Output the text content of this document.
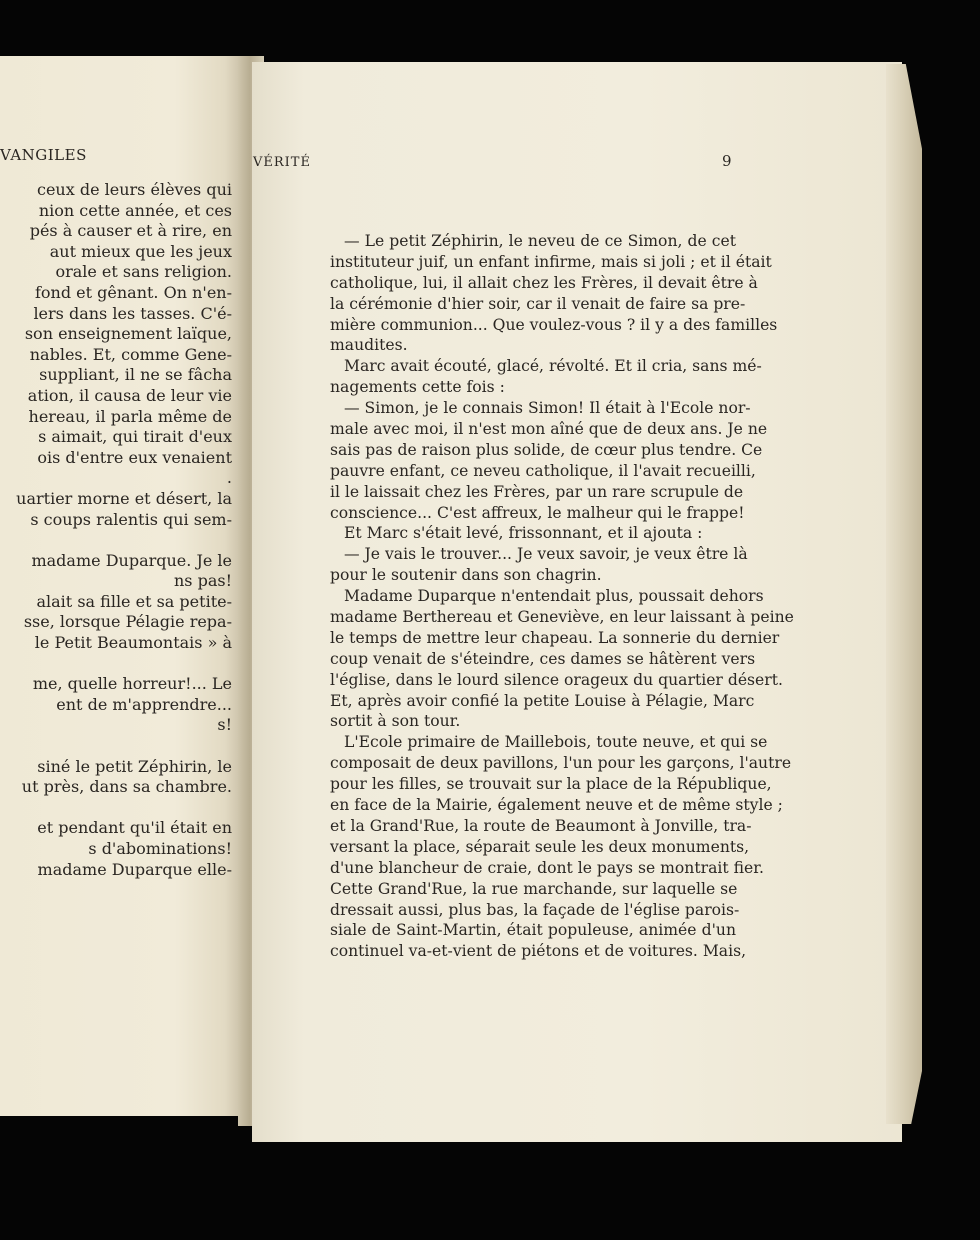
VANGILES
ceux de leurs élèves qui
nion cette année, et ces
pés à causer et à rire, en
aut mieux que les jeux
orale et sans religion.
fond et gênant. On n'en-
lers dans les tasses. C'é-
son enseignement laïque,
nables. Et, comme Gene-
suppliant, il ne se fâcha
ation, il causa de leur vie
hereau, il parla même de
s aimait, qui tirait d'eux
ois d'entre eux venaient
.
uartier morne et désert, la
s coups ralentis qui sem-
madame Duparque. Je le
ns pas!
alait sa fille et sa petite-
sse, lorsque Pélagie repa-
le Petit Beaumontais » à
me, quelle horreur!... Le
ent de m'apprendre...
s!
siné le petit Zéphirin, le
ut près, dans sa chambre.
et pendant qu'il était en
s d'abominations!
madame Duparque elle-
VÉRITÉ	9
— Le petit Zéphirin, le neveu de ce Simon, de cet
instituteur juif, un enfant infirme, mais si joli ; et il était
catholique, lui, il allait chez les Frères, il devait être à
la cérémonie d'hier soir, car il venait de faire sa pre-
mière communion... Que voulez-vous ? il y a des familles
maudites.
Marc avait écouté, glacé, révolté. Et il cria, sans mé-
nagements cette fois :
— Simon, je le connais Simon! Il était à l'Ecole nor-
male avec moi, il n'est mon aîné que de deux ans. Je ne
sais pas de raison plus solide, de cœur plus tendre. Ce
pauvre enfant, ce neveu catholique, il l'avait recueilli,
il le laissait chez les Frères, par un rare scrupule de
conscience... C'est affreux, le malheur qui le frappe!
Et Marc s'était levé, frissonnant, et il ajouta :
— Je vais le trouver... Je veux savoir, je veux être là
pour le soutenir dans son chagrin.
Madame Duparque n'entendait plus, poussait dehors
madame Berthereau et Geneviève, en leur laissant à peine
le temps de mettre leur chapeau. La sonnerie du dernier
coup venait de s'éteindre, ces dames se hâtèrent vers
l'église, dans le lourd silence orageux du quartier désert.
Et, après avoir confié la petite Louise à Pélagie, Marc
sortit à son tour.
L'Ecole primaire de Maillebois, toute neuve, et qui se
composait de deux pavillons, l'un pour les garçons, l'autre
pour les filles, se trouvait sur la place de la République,
en face de la Mairie, également neuve et de même style ;
et la Grand'Rue, la route de Beaumont à Jonville, tra-
versant la place, séparait seule les deux monuments,
d'une blancheur de craie, dont le pays se montrait fier.
Cette Grand'Rue, la rue marchande, sur laquelle se
dressait aussi, plus bas, la façade de l'église parois-
siale de Saint-Martin, était populeuse, animée d'un
continuel va-et-vient de piétons et de voitures. Mais,
